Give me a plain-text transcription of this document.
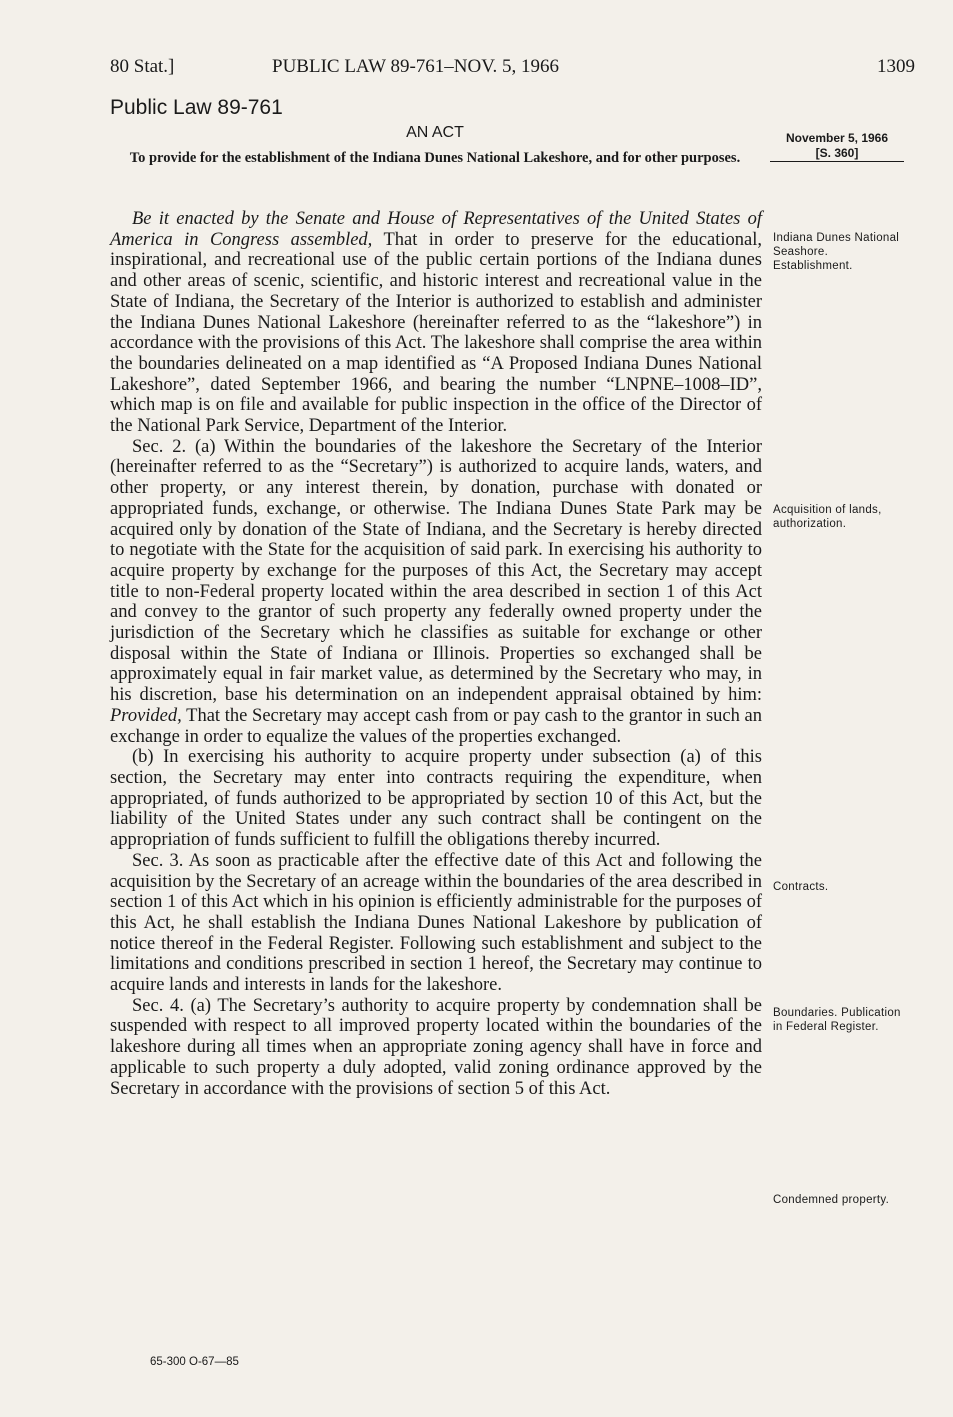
80 Stat.]	PUBLIC LAW 89-761–NOV. 5, 1966	1309
Public Law 89-761
AN ACT	November 5, 1966
[S. 360]
To provide for the establishment of the Indiana Dunes National Lakeshore, and for other purposes.

Be it enacted by the Senate and House of Representatives of the United States of America in Congress assembled, That in order to preserve for the educational, inspirational, and recreational use of the public certain portions of the Indiana dunes and other areas of scenic, scientific, and historic interest and recreational value in the State of Indiana, the Secretary of the Interior is authorized to establish and administer the Indiana Dunes National Lakeshore (hereinafter referred to as the “lakeshore”) in accordance with the provisions of this Act. The lakeshore shall comprise the area within the boundaries delineated on a map identified as “A Proposed Indiana Dunes National Lakeshore”, dated September 1966, and bearing the number “LNPNE–1008–ID”, which map is on file and available for public inspection in the office of the Director of the National Park Service, Department of the Interior.

Sec. 2. (a) Within the boundaries of the lakeshore the Secretary of the Interior (hereinafter referred to as the “Secretary”) is authorized to acquire lands, waters, and other property, or any interest therein, by donation, purchase with donated or appropriated funds, exchange, or otherwise. The Indiana Dunes State Park may be acquired only by donation of the State of Indiana, and the Secretary is hereby directed to negotiate with the State for the acquisition of said park. In exercising his authority to acquire property by exchange for the purposes of this Act, the Secretary may accept title to non-Federal property located within the area described in section 1 of this Act and convey to the grantor of such property any federally owned property under the jurisdiction of the Secretary which he classifies as suitable for exchange or other disposal within the State of Indiana or Illinois. Properties so exchanged shall be approximately equal in fair market value, as determined by the Secretary who may, in his discretion, base his determination on an independent appraisal obtained by him: Provided, That the Secretary may accept cash from or pay cash to the grantor in such an exchange in order to equalize the values of the properties exchanged.

(b) In exercising his authority to acquire property under subsection (a) of this section, the Secretary may enter into contracts requiring the expenditure, when appropriated, of funds authorized to be appropriated by section 10 of this Act, but the liability of the United States under any such contract shall be contingent on the appropriation of funds sufficient to fulfill the obligations thereby incurred.

Sec. 3. As soon as practicable after the effective date of this Act and following the acquisition by the Secretary of an acreage within the boundaries of the area described in section 1 of this Act which in his opinion is efficiently administrable for the purposes of this Act, he shall establish the Indiana Dunes National Lakeshore by publication of notice thereof in the Federal Register. Following such establishment and subject to the limitations and conditions prescribed in section 1 hereof, the Secretary may continue to acquire lands and interests in lands for the lakeshore.

Sec. 4. (a) The Secretary’s authority to acquire property by condemnation shall be suspended with respect to all improved property located within the boundaries of the lakeshore during all times when an appropriate zoning agency shall have in force and applicable to such property a duly adopted, valid zoning ordinance approved by the Secretary in accordance with the provisions of section 5 of this Act.

Indiana Dunes National Seashore. Establishment.
Acquisition of lands, authorization.
Contracts.
Boundaries. Publication in Federal Register.
Condemned property.
65-300 O-67—85
